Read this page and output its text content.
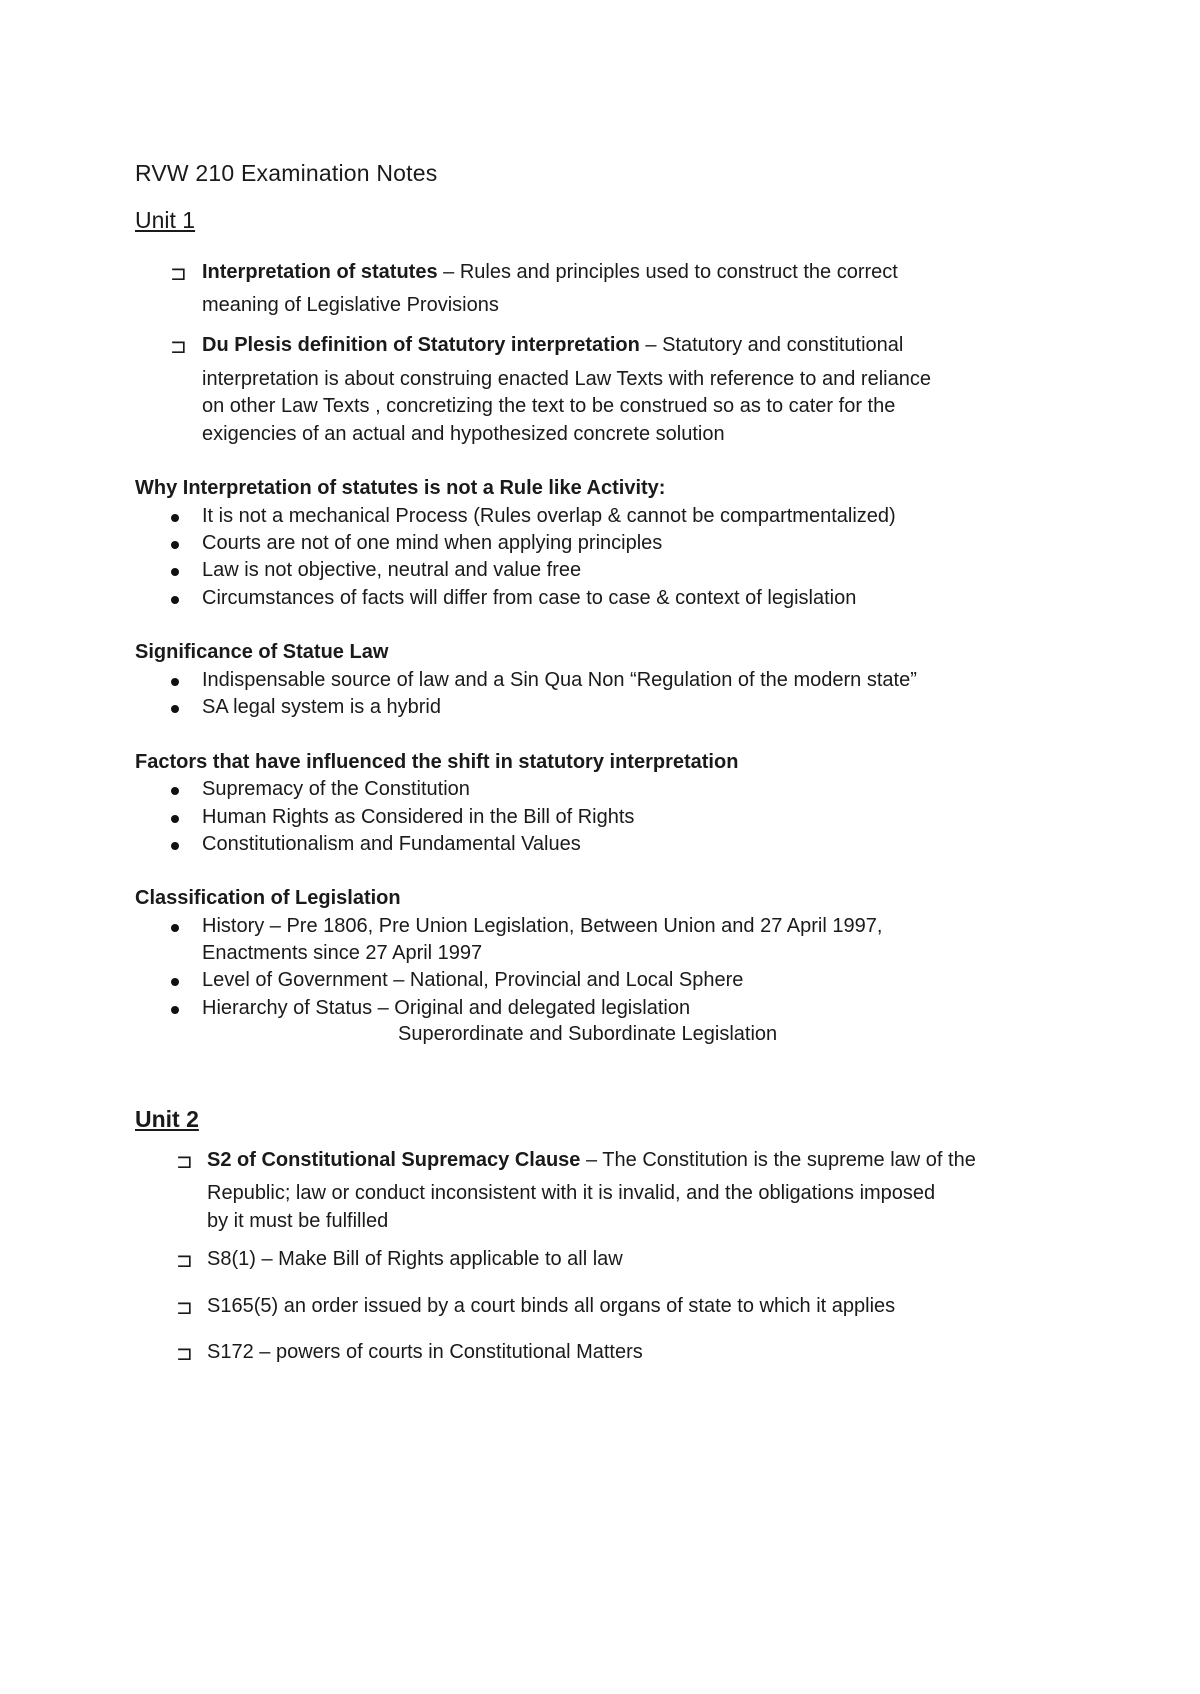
RVW 210 Examination Notes
Unit 1
⊐ Interpretation of statutes – Rules and principles used to construct the correct
meaning of Legislative Provisions
⊐ Du Plesis definition of Statutory interpretation – Statutory and constitutional
interpretation is about construing enacted Law Texts with reference to and reliance
on other Law Texts , concretizing the text to be construed so as to cater for the
exigencies of an actual and hypothesized concrete solution
Why Interpretation of statutes is not a Rule like Activity:
It is not a mechanical Process (Rules overlap & cannot be compartmentalized)
Courts are not of one mind when applying principles
Law is not objective, neutral and value free
Circumstances of facts will differ from case to case & context of legislation
Significance of Statue Law
Indispensable source of law and a Sin Qua Non “Regulation of the modern state”
SA legal system is a hybrid
Factors that have influenced the shift in statutory interpretation
Supremacy of the Constitution
Human Rights as Considered in the Bill of Rights
Constitutionalism and Fundamental Values
Classification of Legislation
History – Pre 1806, Pre Union Legislation, Between Union and 27 April 1997,
Enactments since 27 April 1997
Level of Government – National, Provincial and Local Sphere
Hierarchy of Status – Original and delegated legislation
Superordinate and Subordinate Legislation
Unit 2
⊐ S2 of Constitutional Supremacy Clause – The Constitution is the supreme law of the
Republic; law or conduct inconsistent with it is invalid, and the obligations imposed
by it must be fulfilled
⊐ S8(1) – Make Bill of Rights applicable to all law
⊐ S165(5) an order issued by a court binds all organs of state to which it applies
⊐ S172 – powers of courts in Constitutional Matters
